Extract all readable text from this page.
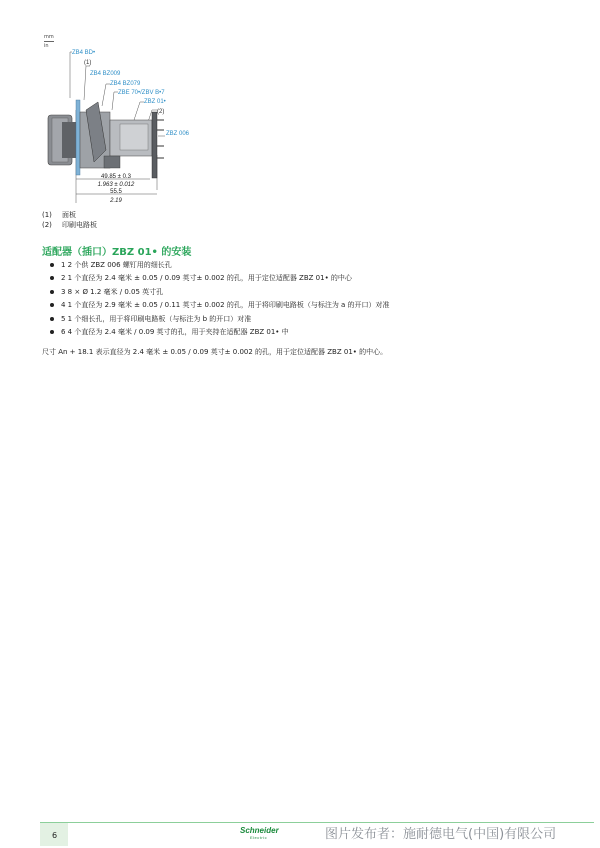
mm
in
ZB4 BD•
(1)
ZB4 BZ009
ZB4 BZ079
ZBE 70•/ZBV B•7
ZBZ 01•
(2)
ZBZ 006
49.85 ± 0.3
1.963 ± 0.012
55.5
2.19
(1) 面板
(2) 印刷电路板
适配器（插口）ZBZ 01• 的安装
1 2 个供 ZBZ 006 螺钉用的细长孔
2 1 个直径为 2.4 毫米 ± 0.05 / 0.09 英寸± 0.002 的孔，用于定位适配器 ZBZ 01• 的中心
3 8 × Ø 1.2 毫米 / 0.05 英寸孔
4 1 个直径为 2.9 毫米 ± 0.05 / 0.11 英寸± 0.002 的孔，用于将印刷电路板（与标注为 a 的开口）对准
5 1 个细长孔，用于将印刷电路板（与标注为 b 的开口）对准
6 4 个直径为 2.4 毫米 / 0.09 英寸的孔，用于夹持在适配器 ZBZ 01• 中
尺寸 An + 18.1 表示直径为 2.4 毫米 ± 0.05 / 0.09 英寸± 0.002 的孔，用于定位适配器 ZBZ 01• 的中心。
6
Schneider
Electric	图片发布者：施耐德电气(中国)有限公司
